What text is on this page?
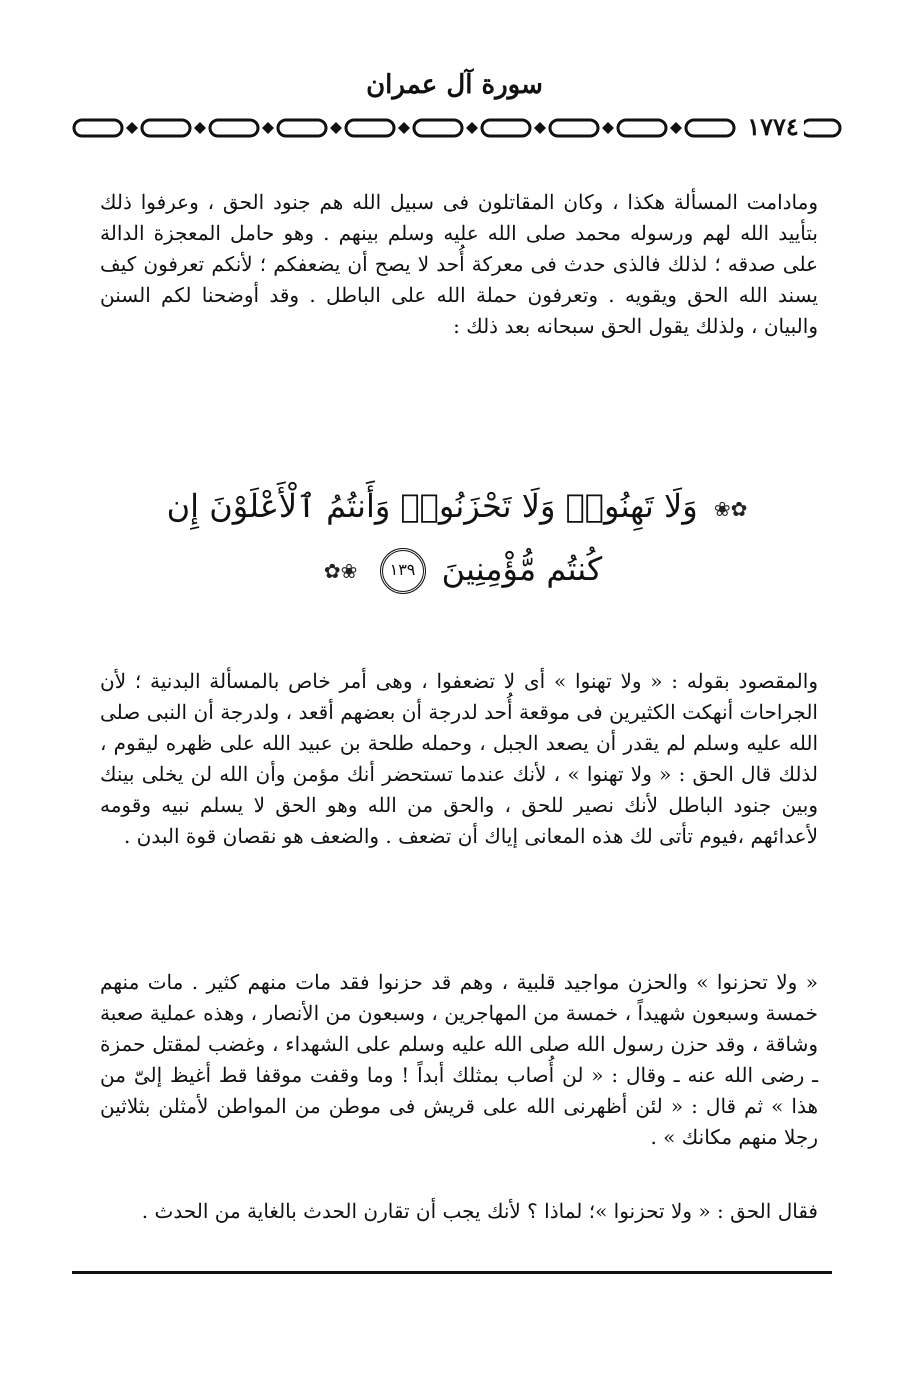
سورة آل عمران
١٧٧٤

ومادامت المسألة هكذا ، وكان المقاتلون فى سبيل الله هم جنود الحق ، وعرفوا ذلك بتأييد الله لهم ورسوله محمد صلى الله عليه وسلم بينهم . وهو حامل المعجزة الدالة على صدقه ؛ لذلك فالذى حدث فى معركة أُحد لا يصح أن يضعفكم ؛ لأنكم تعرفون كيف يسند الله الحق ويقويه . وتعرفون حملة الله على الباطل . وقد أوضحنا لكم السنن والبيان ، ولذلك يقول الحق سبحانه بعد ذلك :

✿❀ وَلَا تَهِنُوا۟ وَلَا تَحْزَنُوا۟ وَأَنتُمُ ٱلْأَعْلَوْنَ إِن
كُنتُم مُّؤْمِنِينَ ١٣٩ ❀✿

والمقصود بقوله : « ولا تهنوا » أى لا تضعفوا ، وهى أمر خاص بالمسألة البدنية ؛ لأن الجراحات أنهكت الكثيرين فى موقعة أُحد لدرجة أن بعضهم أقعد ، ولدرجة أن النبى صلى الله عليه وسلم لم يقدر أن يصعد الجبل ، وحمله طلحة بن عبيد الله على ظهره ليقوم ، لذلك قال الحق : « ولا تهنوا » ، لأنك عندما تستحضر أنك مؤمن وأن الله لن يخلى بينك وبين جنود الباطل لأنك نصير للحق ، والحق من الله وهو الحق لا يسلم نبيه وقومه لأعدائهم ،فيوم تأتى لك هذه المعانى إياك أن تضعف . والضعف هو نقصان قوة البدن .

« ولا تحزنوا » والحزن مواجيد قلبية ، وهم قد حزنوا فقد مات منهم كثير . مات منهم خمسة وسبعون شهيداً ، خمسة من المهاجرين ، وسبعون من الأنصار ، وهذه عملية صعبة وشاقة ، وقد حزن رسول الله صلى الله عليه وسلم على الشهداء ، وغضب لمقتل حمزة ـ رضى الله عنه ـ وقال : « لن أُصاب بمثلك أبداً ! وما وقفت موقفا قط أغيظ إلىّ من هذا » ثم قال : « لئن أظهرنى الله على قريش فى موطن من المواطن لأمثلن بثلاثين رجلا منهم مكانك » .

فقال الحق : « ولا تحزنوا »؛ لماذا ؟ لأنك يجب أن تقارن الحدث بالغاية من الحدث .
